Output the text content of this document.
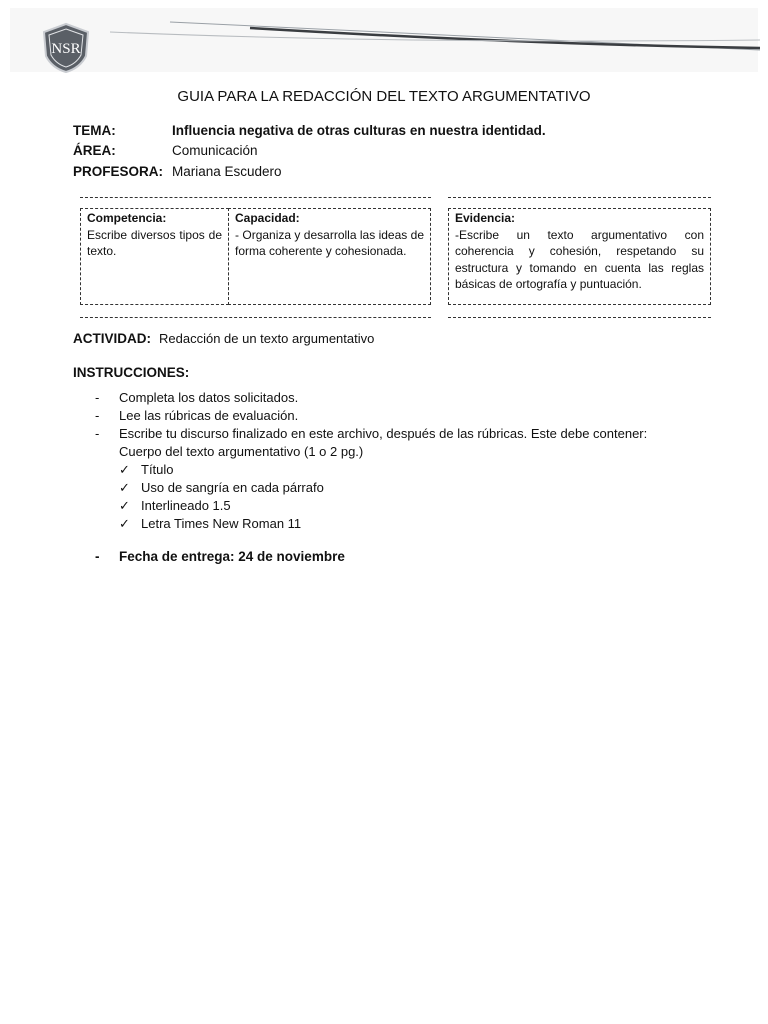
NSR
GUIA PARA LA REDACCIÓN DEL TEXTO ARGUMENTATIVO
TEMA:	Influencia negativa de otras culturas en nuestra identidad.
ÁREA:	Comunicación
PROFESORA: Mariana Escudero
Competencia:
Escribe diversos tipos de texto.
Capacidad:
- Organiza y desarrolla las ideas de forma coherente y cohesionada.
Evidencia:
-Escribe un texto argumentativo con coherencia y cohesión, respetando su estructura y tomando en cuenta las reglas básicas de ortografía y puntuación.
ACTIVIDAD: Redacción de un texto argumentativo
INSTRUCCIONES:
- Completa los datos solicitados.
- Lee las rúbricas de evaluación.
- Escribe tu discurso finalizado en este archivo, después de las rúbricas. Este debe contener:
Cuerpo del texto argumentativo (1 o 2 pg.)
✓ Título
✓ Uso de sangría en cada párrafo
✓ Interlineado 1.5
✓ Letra Times New Roman 11
- Fecha de entrega: 24 de noviembre
